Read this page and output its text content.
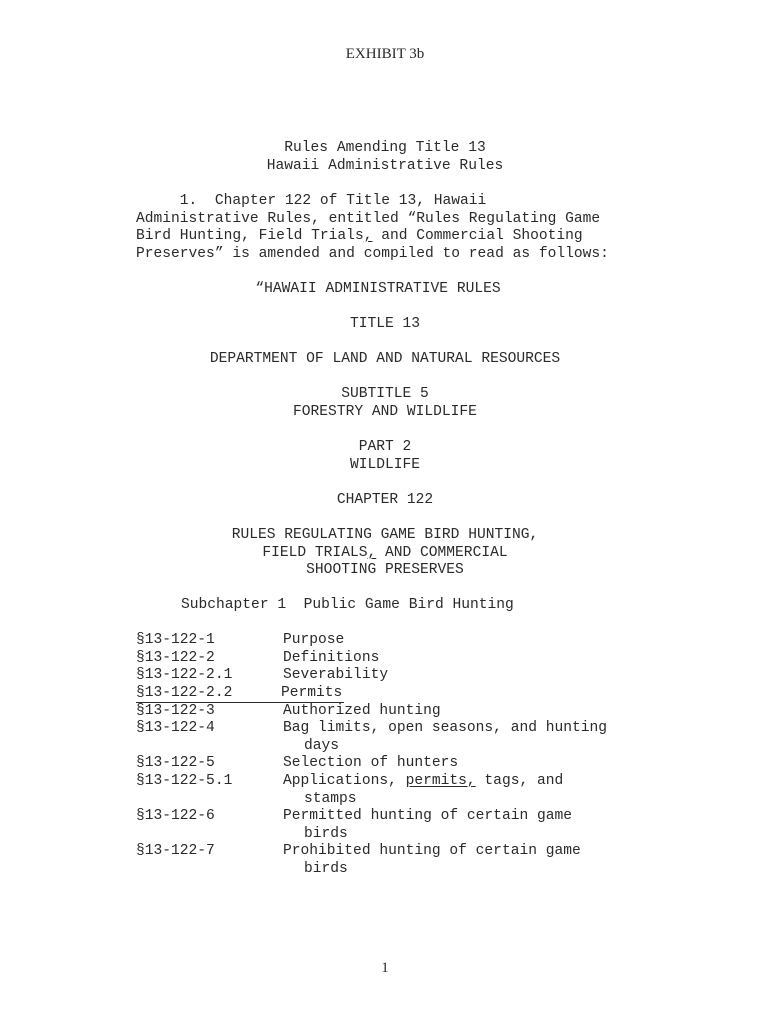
EXHIBIT 3b
Rules Amending Title 13
Hawaii Administrative Rules
1.  Chapter 122 of Title 13, Hawaii
Administrative Rules, entitled “Rules Regulating Game
Bird Hunting, Field Trials, and Commercial Shooting
Preserves” is amended and compiled to read as follows:
“HAWAII ADMINISTRATIVE RULES
TITLE 13
DEPARTMENT OF LAND AND NATURAL RESOURCES
SUBTITLE 5
FORESTRY AND WILDLIFE
PART 2
WILDLIFE
CHAPTER 122
RULES REGULATING GAME BIRD HUNTING,
FIELD TRIALS, AND COMMERCIAL
SHOOTING PRESERVES
Subchapter 1  Public Game Bird Hunting
§13-122-1	Purpose
§13-122-2	Definitions
§13-122-2.1	Severability
§13-122-2.2	Permits
§13-122-3	Authorized hunting
§13-122-4	Bag limits, open seasons, and hunting
days
§13-122-5	Selection of hunters
§13-122-5.1	Applications, permits, tags, and
stamps
§13-122-6	Permitted hunting of certain game
birds
§13-122-7	Prohibited hunting of certain game
birds
1
